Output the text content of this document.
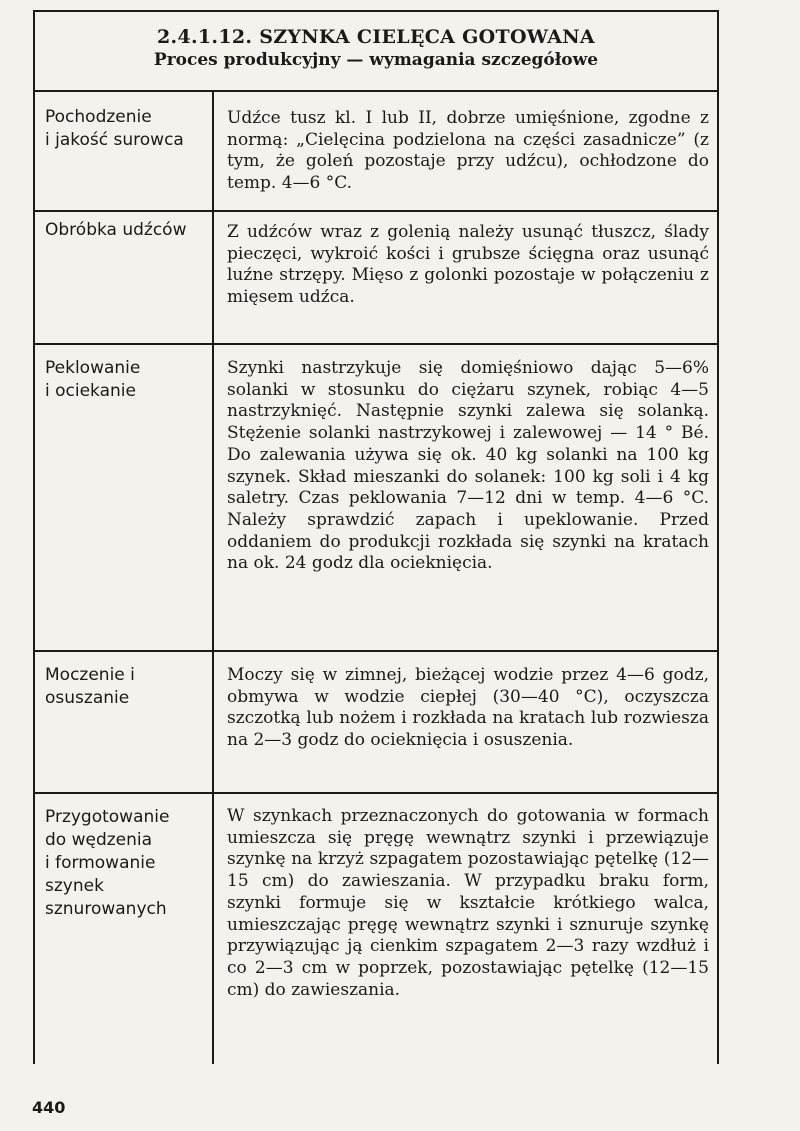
2.4.1.12. SZYNKA CIELĘCA GOTOWANA
Proces produkcyjny — wymagania szczegółowe
Pochodzenie
i jakość surowca
Udźce tusz kl. I lub II, dobrze umięśnione, zgodne z normą: „Cielęcina podzielona na części zasadnicze” (z tym, że goleń pozostaje przy udźcu), ochłodzone do temp. 4—6 °C.
Obróbka udźców	Z udźców wraz z golenią należy usunąć tłuszcz, ślady pieczęci, wykroić kości i grubsze ścięgna oraz usunąć luźne strzępy. Mięso z golonki pozostaje w połączeniu z mięsem udźca.
Peklowanie
i ociekanie
Szynki nastrzykuje się domięśniowo dając 5—6% solanki w stosunku do ciężaru szynek, robiąc 4—5 nastrzyknięć. Następnie szynki zalewa się solanką. Stężenie solanki nastrzykowej i zalewowej — 14 ° Bé. Do zalewania używa się ok. 40 kg solanki na 100 kg szynek. Skład mieszanki do solanek: 100 kg soli i 4 kg saletry. Czas peklowania 7—12 dni w temp. 4—6 °C. Należy sprawdzić zapach i upeklowanie. Przed oddaniem do produkcji rozkłada się szynki na kratach na ok. 24 godz dla ocieknięcia.
Moczenie i osuszanie
Moczy się w zimnej, bieżącej wodzie przez 4—6 godz, obmywa w wodzie ciepłej (30—40 °C), oczyszcza szczotką lub nożem i rozkłada na kratach lub rozwiesza na 2—3 godz do ocieknięcia i osuszenia.
Przygotowanie
do wędzenia
i formowanie
szynek sznurowanych
W szynkach przeznaczonych do gotowania w formach umieszcza się pręgę wewnątrz szynki i przewiązuje szynkę na krzyż szpagatem pozostawiając pętelkę (12—15 cm) do zawieszania. W przypadku braku form, szynki formuje się w kształcie krótkiego walca, umieszczając pręgę wewnątrz szynki i sznuruje szynkę przywiązując ją cienkim szpagatem 2—3 razy wzdłuż i co 2—3 cm w poprzek, pozostawiając pętelkę (12—15 cm) do zawieszania.
440
